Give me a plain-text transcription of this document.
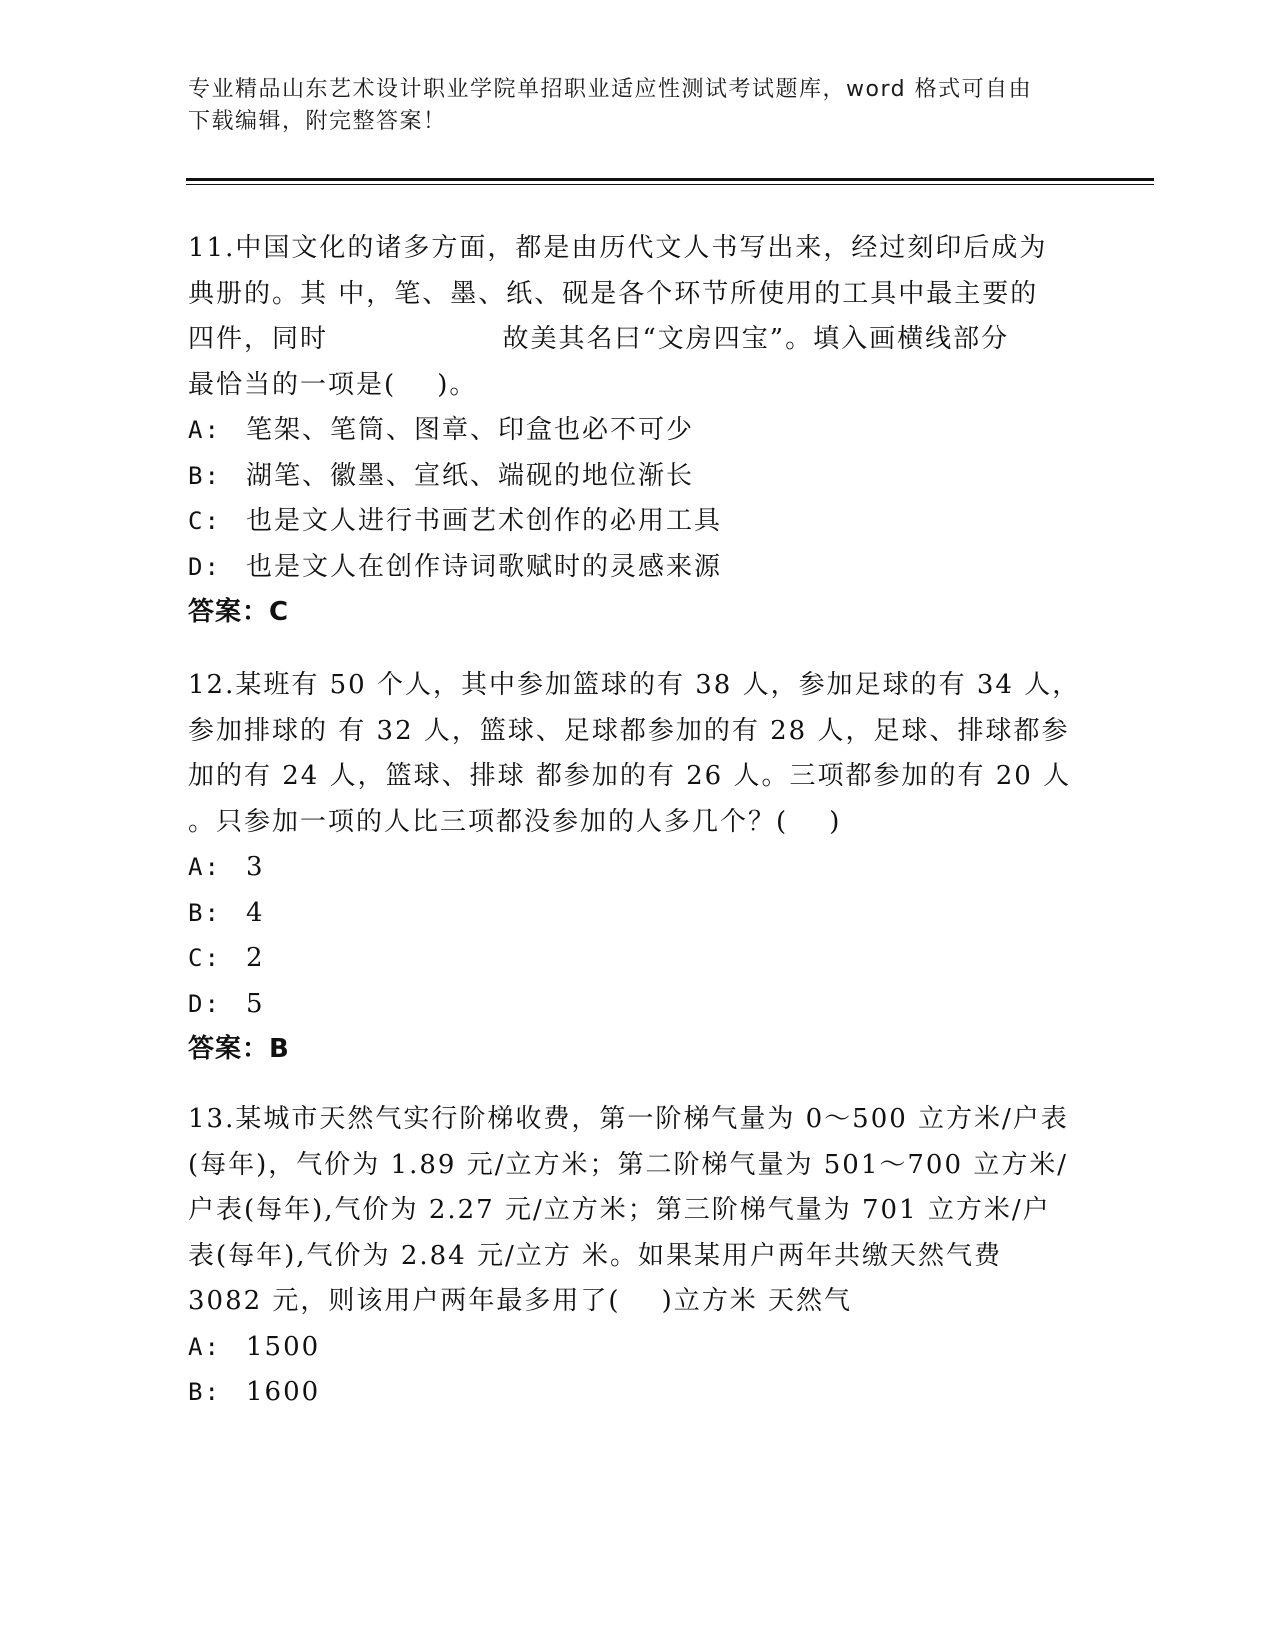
专业精品山东艺术设计职业学院单招职业适应性测试考试题库，word 格式可自由
下载编辑，附完整答案！

11.中国文化的诸多方面，都是由历代文人书写出来，经过刻印后成为
典册的。其 中，笔、墨、纸、砚是各个环节所使用的工具中最主要的
四件，同时                 故美其名曰“文房四宝”。填入画横线部分
最恰当的一项是(    )。

A: 笔架、笔筒、图章、印盒也必不可少
B: 湖笔、徽墨、宣纸、端砚的地位渐长
C: 也是文人进行书画艺术创作的必用工具
D: 也是文人在创作诗词歌赋时的灵感来源
答案：C

12.某班有 50 个人，其中参加篮球的有 38 人，参加足球的有 34 人，
参加排球的 有 32 人，篮球、足球都参加的有 28 人，足球、排球都参
加的有 24 人，篮球、排球 都参加的有 26 人。三项都参加的有 20 人
。只参加一项的人比三项都没参加的人多几个？(    )

A: 3
B: 4
C: 2
D: 5
答案：B

13.某城市天然气实行阶梯收费，第一阶梯气量为 0～500 立方米/户表
(每年)，气价为 1.89 元/立方米；第二阶梯气量为 501～700 立方米/
户表(每年),气价为 2.27 元/立方米；第三阶梯气量为 701 立方米/户
表(每年),气价为 2.84 元/立方 米。如果某用户两年共缴天然气费
3082 元，则该用户两年最多用了(    )立方米 天然气

A: 1500
B: 1600
